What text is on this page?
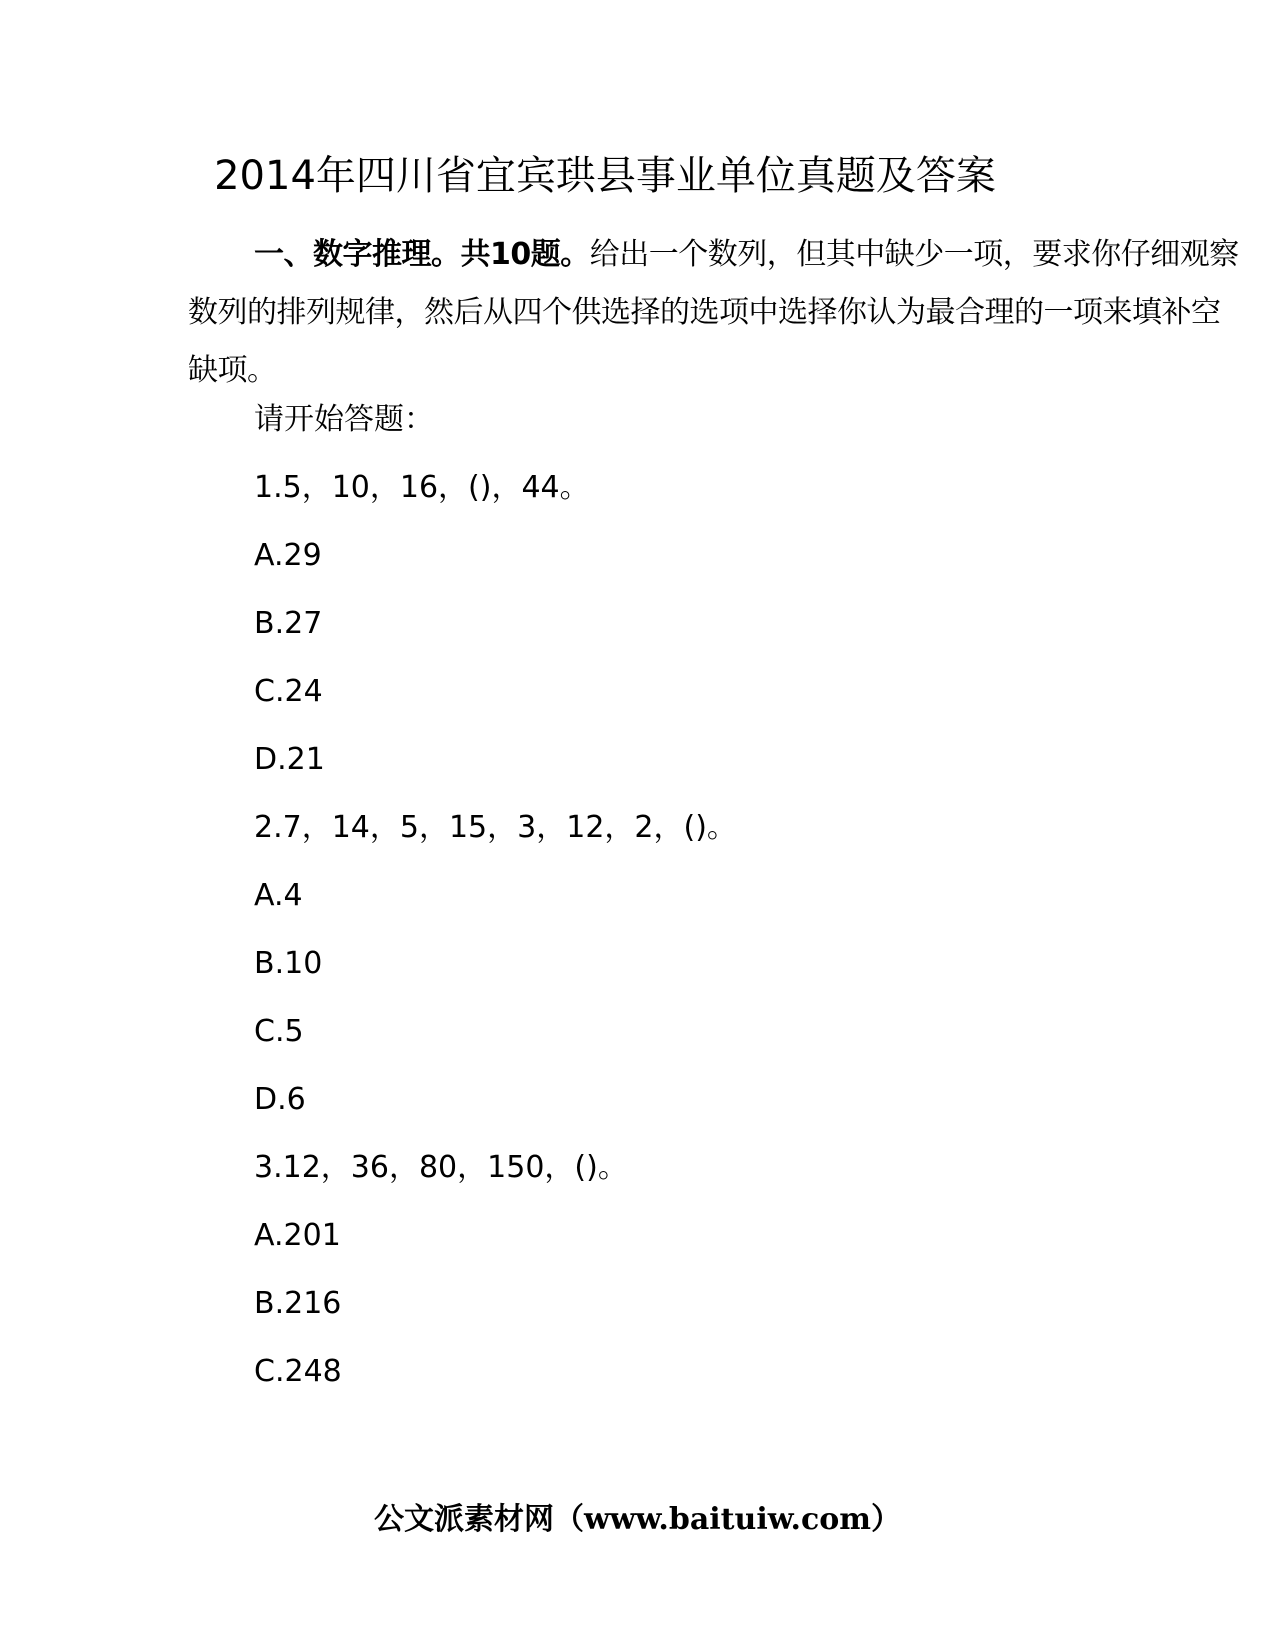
2014年四川省宜宾珙县事业单位真题及答案
一、数字推理。共10题。给出一个数列，但其中缺少一项，要求你仔细观察数列的排列规律，然后从四个供选择的选项中选择你认为最合理的一项来填补空缺项。
请开始答题：
1.5，10，16，()，44。
A.29
B.27
C.24
D.21
2.7，14，5，15，3，12，2，()。
A.4
B.10
C.5
D.6
3.12，36，80，150，()。
A.201
B.216
C.248
公文派素材网（www.baituiw.com）
